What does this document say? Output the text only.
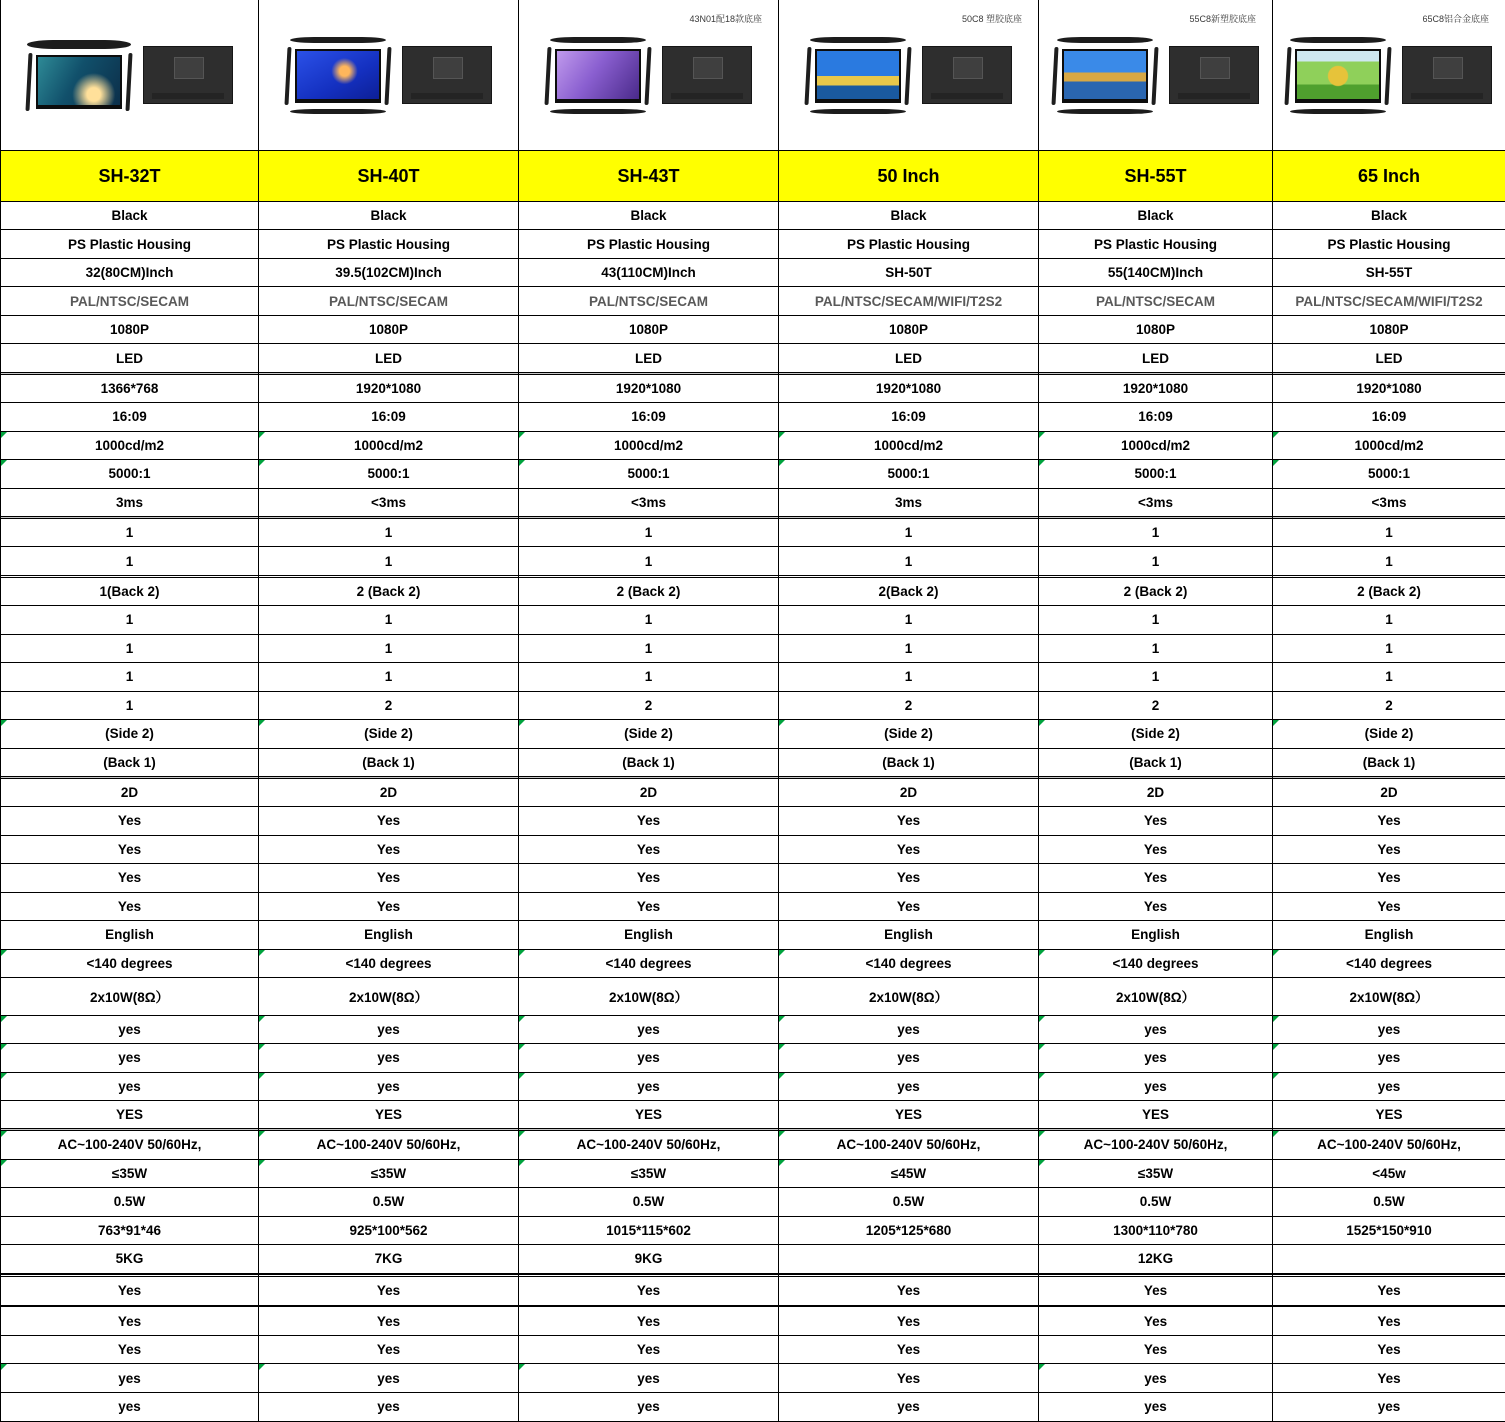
		43N01配18款底座	50C8 塑胶底座	55C8新塑胶底座	65C8铝合金底座

SH-32T	SH-40T	SH-43T	50 Inch	SH-55T	65 Inch
Black	Black	Black	Black	Black	Black
PS Plastic Housing	PS Plastic Housing	PS Plastic Housing	PS Plastic Housing	PS Plastic Housing	PS Plastic Housing
32(80CM)Inch	39.5(102CM)Inch	43(110CM)Inch	SH-50T	55(140CM)Inch	SH-55T
PAL/NTSC/SECAM	PAL/NTSC/SECAM	PAL/NTSC/SECAM	PAL/NTSC/SECAM/WIFI/T2S2	PAL/NTSC/SECAM	PAL/NTSC/SECAM/WIFI/T2S2
1080P	1080P	1080P	1080P	1080P	1080P
LED	LED	LED	LED	LED	LED

1366*768	1920*1080	1920*1080	1920*1080	1920*1080	1920*1080
16:09	16:09	16:09	16:09	16:09	16:09
1000cd/m2	1000cd/m2	1000cd/m2	1000cd/m2	1000cd/m2	1000cd/m2
5000:1	5000:1	5000:1	5000:1	5000:1	5000:1
3ms	<3ms	<3ms	3ms	<3ms	<3ms

1	1	1	1	1	1
1	1	1	1	1	1

1(Back 2)	2 (Back 2)	2 (Back 2)	2(Back 2)	2 (Back 2)	2 (Back 2)
1	1	1	1	1	1
1	1	1	1	1	1
1	1	1	1	1	1
1	2	2	2	2	2
(Side 2)	(Side 2)	(Side 2)	(Side 2)	(Side 2)	(Side 2)
(Back 1)	(Back 1)	(Back 1)	(Back 1)	(Back 1)	(Back 1)

2D	2D	2D	2D	2D	2D
Yes	Yes	Yes	Yes	Yes	Yes
Yes	Yes	Yes	Yes	Yes	Yes
Yes	Yes	Yes	Yes	Yes	Yes
Yes	Yes	Yes	Yes	Yes	Yes
English	English	English	English	English	English
<140 degrees	<140 degrees	<140 degrees	<140 degrees	<140 degrees	<140 degrees
2x10W(8Ω）	2x10W(8Ω）	2x10W(8Ω）	2x10W(8Ω）	2x10W(8Ω）	2x10W(8Ω）
yes	yes	yes	yes	yes	yes
yes	yes	yes	yes	yes	yes
yes	yes	yes	yes	yes	yes
YES	YES	YES	YES	YES	YES

AC~100-240V 50/60Hz,	AC~100-240V 50/60Hz,	AC~100-240V 50/60Hz,	AC~100-240V 50/60Hz,	AC~100-240V 50/60Hz,	AC~100-240V 50/60Hz,
≤35W	≤35W	≤35W	≤45W	≤35W	<45w
0.5W	0.5W	0.5W	0.5W	0.5W	0.5W
763*91*46	925*100*562	1015*115*602	1205*125*680	1300*110*780	1525*150*910
5KG	7KG	9KG		12KG	

Yes	Yes	Yes	Yes	Yes	Yes

Yes	Yes	Yes	Yes	Yes	Yes
Yes	Yes	Yes	Yes	Yes	Yes
yes	yes	yes	Yes	yes	Yes
yes	yes	yes	yes	yes	yes
